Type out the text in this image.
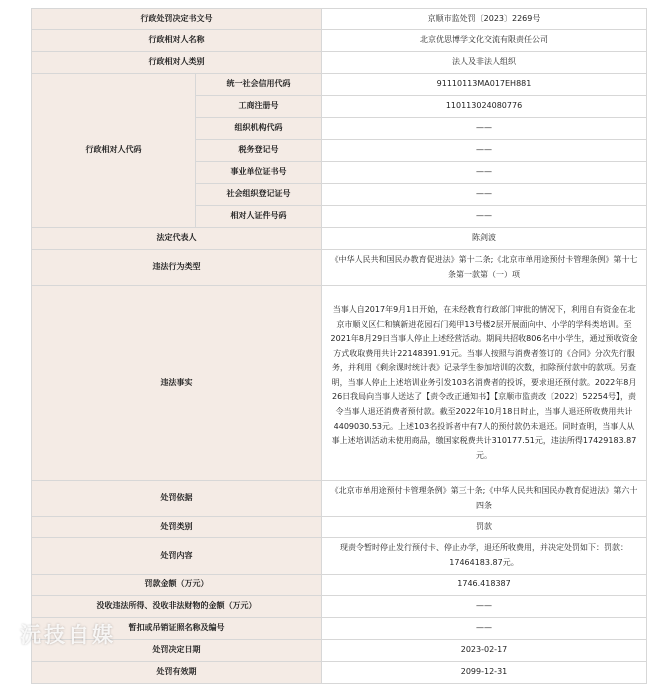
行政处罚决定书文号		京顺市监处罚〔2023〕2269号
行政相对人名称		北京优思博学文化交流有限责任公司
行政相对人类别		法人及非法人组织
行政相对人代码	统一社会信用代码	91110113MA017EH881
	工商注册号	110113024080776
	组织机构代码	——
	税务登记号	——
	事业单位证书号	——
	社会组织登记证号	——
	相对人证件号码	——
法定代表人		陈剑波
违法行为类型		《中华人民共和国民办教育促进法》第十二条;《北京市单用途预付卡管理条例》第十七条第一款第（一）项
违法事实		当事人自2017年9月1日开始，在未经教育行政部门审批的情况下，利用自有资金在北京市顺义区仁和镇新进花园石门苑甲13号楼2层开展面向中、小学的学科类培训。至2021年8月29日当事人停止上述经营活动。期间共招收806名中小学生，通过预收资金方式收取费用共计22148391.91元。当事人按照与消费者签订的《合同》分次先行服务，并利用《剩余课时统计表》记录学生参加培训的次数，扣除预付款中的款项。另查明，当事人停止上述培训业务引发103名消费者的投诉，要求退还预付款。2022年8月26日我局向当事人送达了【责令改正通知书】【京顺市监责改〔2022〕52254号】，责令当事人退还消费者预付款。截至2022年10月18日时止，当事人退还所收费用共计4409030.53元。上述103名投诉者中有7人的预付款仍未退还。同时查明，当事人从事上述培训活动未使用商品，缴国家税费共计310177.51元，违法所得17429183.87元。
处罚依据		《北京市单用途预付卡管理条例》第三十条;《中华人民共和国民办教育促进法》第六十四条
处罚类别		罚款
处罚内容		现责令暂时停止发行预付卡、停止办学，退还所收费用，并决定处罚如下：罚款：17464183.87元。
罚款金额（万元）		1746.418387
没收违法所得、没收非法财物的金额（万元）		——
暂扣或吊销证照名称及编号		——
处罚决定日期		2023-02-17
处罚有效期		2099-12-31
沅技自媒
